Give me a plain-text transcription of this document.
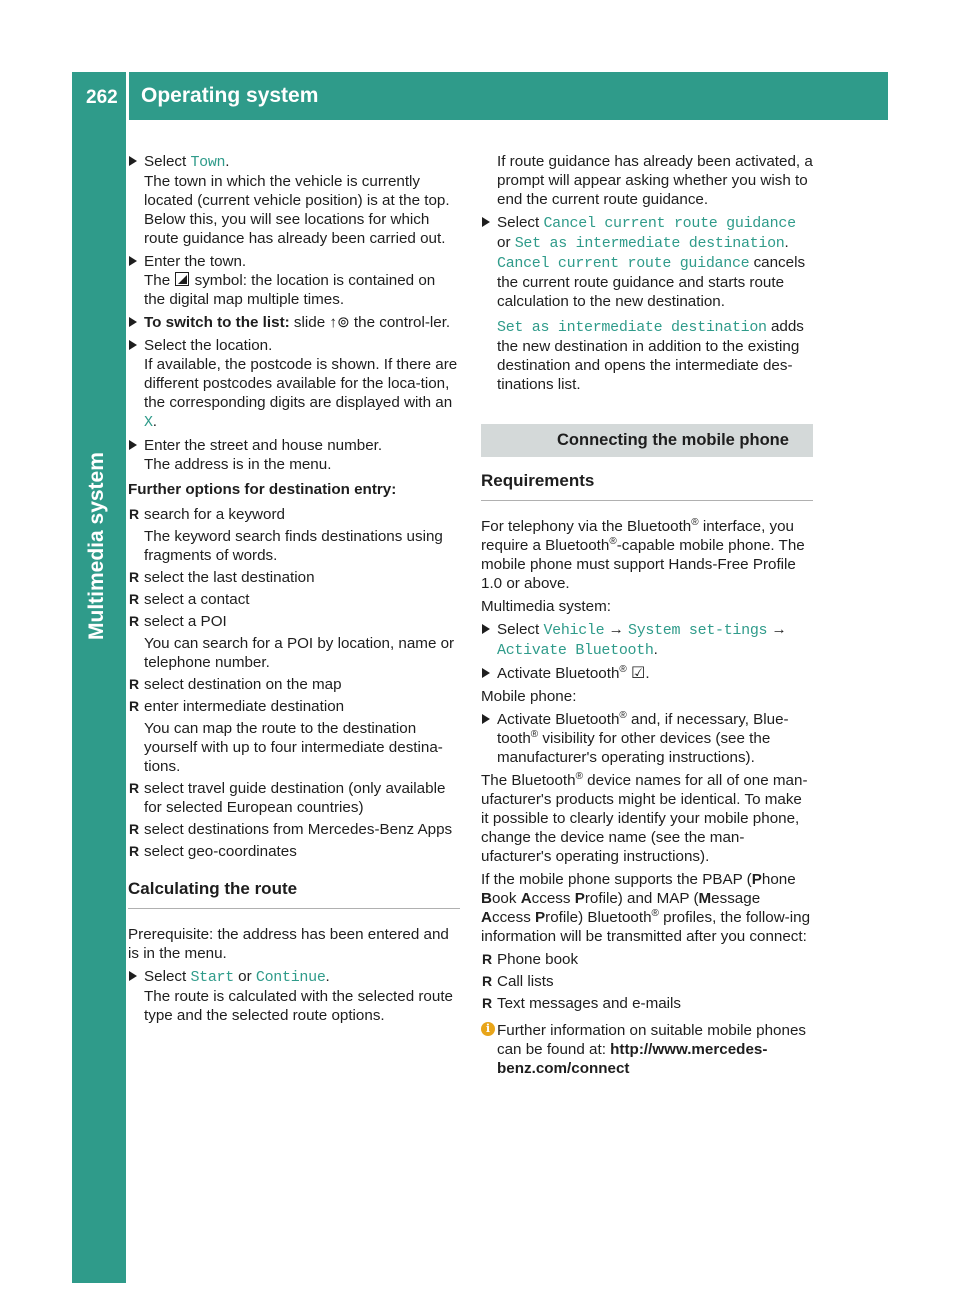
262	Operating system
Multimedia system
Select Town.
The town in which the vehicle is currently located (current vehicle position) is at the top. Below this, you will see locations for which route guidance has already been carried out.
Enter the town.
The  symbol: the location is contained on the digital map multiple times.
To switch to the list: slide ↑⊚ the control-ler.
Select the location.
If available, the postcode is shown. If there are different postcodes available for the loca-tion, the corresponding digits are displayed with an X.
Enter the street and house number.
The address is in the menu.

Further options for destination entry:

R search for a keyword
The keyword search finds destinations using fragments of words.
R select the last destination
R select a contact
R select a POI
You can search for a POI by location, name or telephone number.
R select destination on the map
R enter intermediate destination
You can map the route to the destination yourself with up to four intermediate destina-tions.
R select travel guide destination (only available for selected European countries)
R select destinations from Mercedes-Benz Apps
R select geo-coordinates
Calculating the route

Prerequisite: the address has been entered and is in the menu.

Select Start or Continue.
The route is calculated with the selected route type and the selected route options.

If route guidance has already been activated, a prompt will appear asking whether you wish to end the current route guidance.

Select Cancel current route guidance or Set as intermediate destination.
Cancel current route guidance cancels the current route guidance and starts route calculation to the new destination.
Set as intermediate destination adds the new destination in addition to the existing destination and opens the intermediate des-tinations list.
Connecting the mobile phone
Requirements

For telephony via the Bluetooth® interface, you require a Bluetooth®-capable mobile phone. The mobile phone must support Hands-Free Profile 1.0 or above.

Multimedia system:

Select Vehicle → System set-tings → Activate Bluetooth.
Activate Bluetooth® ☑.

Mobile phone:

Activate Bluetooth® and, if necessary, Blue-tooth® visibility for other devices (see the manufacturer's operating instructions).

The Bluetooth® device names for all of one man-ufacturer's products might be identical. To make it possible to clearly identify your mobile phone, change the device name (see the man-ufacturer's operating instructions).

If the mobile phone supports the PBAP (Phone Book Access Profile) and MAP (Message Access Profile) Bluetooth® profiles, the follow-ing information will be transmitted after you connect:

R Phone book
R Call lists
R Text messages and e-mails
i Further information on suitable mobile phones can be found at: http://www.mercedes-benz.com/connect
